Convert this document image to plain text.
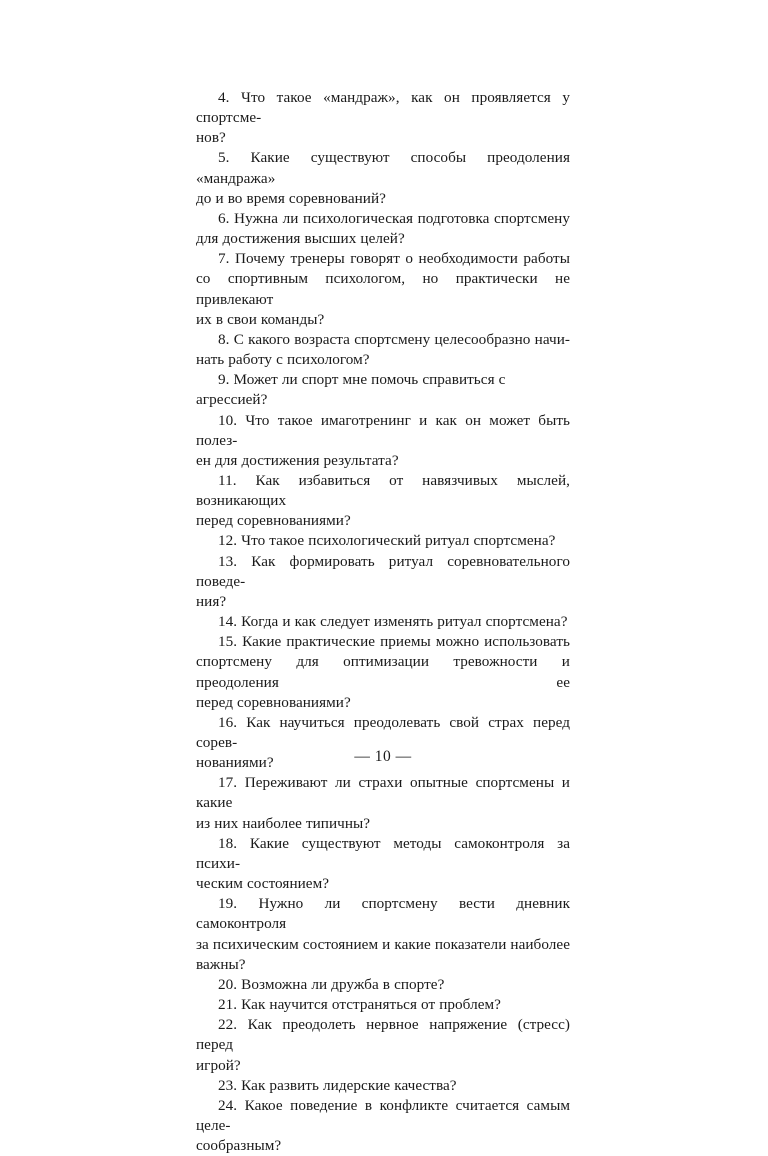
4. Что такое «мандраж», как он проявляется у спортсме-
нов?

5. Какие существуют способы преодоления «мандража»
до и во время соревнований?

6. Нужна ли психологическая подготовка спортсмену
для достижения высших целей?

7. Почему тренеры говорят о необходимости работы
со спортивным психологом, но практически не привлекают
их в свои команды?

8. С какого возраста спортсмену целесообразно начи-
нать работу с психологом?

9. Может ли спорт мне помочь справиться с агрессией?

10. Что такое имаготренинг и как он может быть полез-
ен для достижения результата?

11. Как избавиться от навязчивых мыслей, возникающих
перед соревнованиями?

12. Что такое психологический ритуал спортсмена?

13. Как формировать ритуал соревновательного поведе-
ния?

14. Когда и как следует изменять ритуал спортсмена?

15. Какие практические приемы можно использовать
спортсмену для оптимизации тревожности и преодоления ее
перед соревнованиями?

16. Как научиться преодолевать свой страх перед сорев-
нованиями?

17. Переживают ли страхи опытные спортсмены и какие
из них наиболее типичны?

18. Какие существуют методы самоконтроля за психи-
ческим состоянием?

19. Нужно ли спортсмену вести дневник самоконтроля
за психическим состоянием и какие показатели наиболее
важны?

20. Возможна ли дружба в спорте?

21. Как научится отстраняться от проблем?

22. Как преодолеть нервное напряжение (стресс) перед
игрой?

23. Как развить лидерские качества?

24. Какое поведение в конфликте считается самым целе-
сообразным?

— 10 —
